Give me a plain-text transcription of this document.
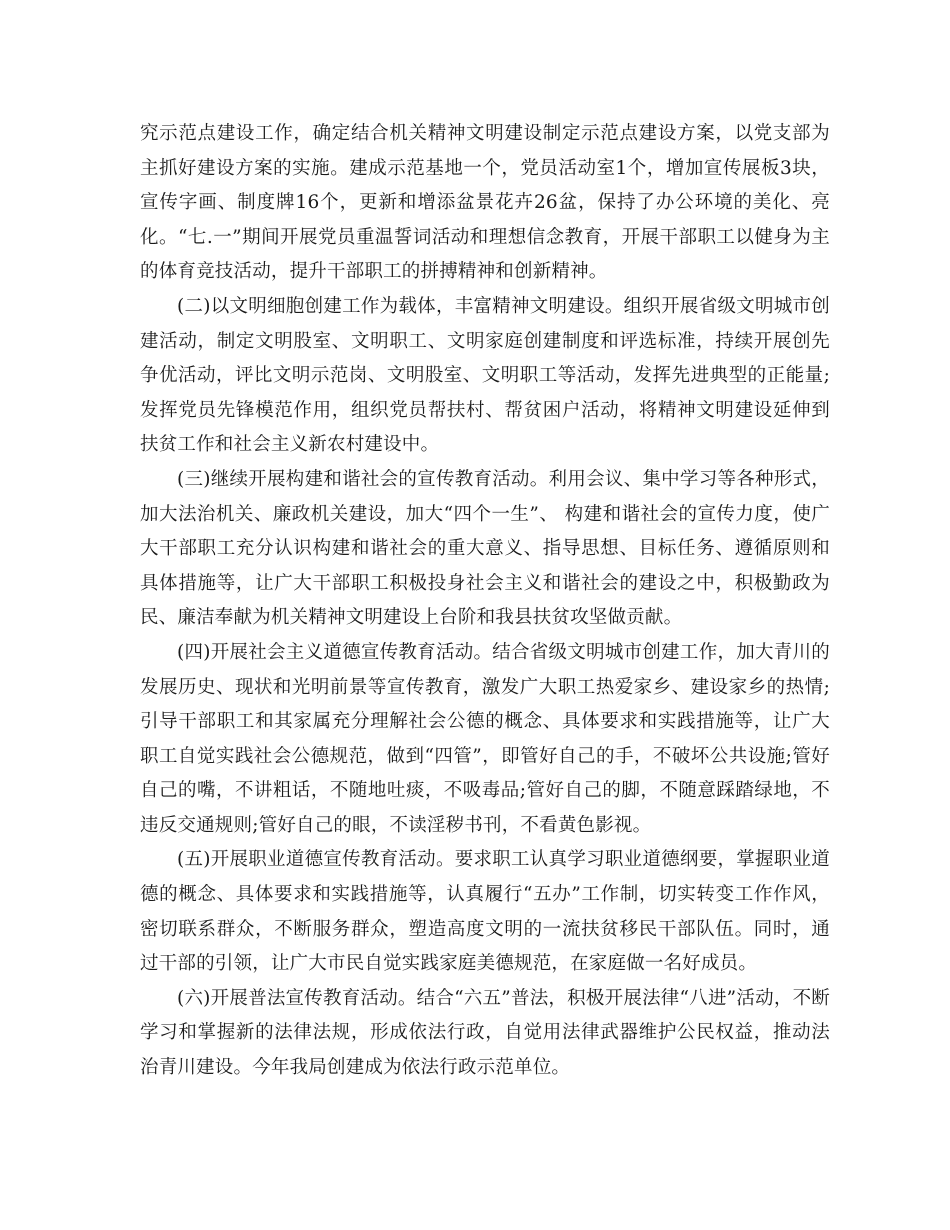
究示范点建设工作，确定结合机关精神文明建设制定示范点建设方案，以党支部为主抓好建设方案的实施。建成示范基地一个，党员活动室1个，增加宣传展板3块，宣传字画、制度牌16个，更新和增添盆景花卉26盆，保持了办公环境的美化、亮化。“七.一”期间开展党员重温誓词活动和理想信念教育，开展干部职工以健身为主的体育竞技活动，提升干部职工的拼搏精神和创新精神。

(二)以文明细胞创建工作为载体，丰富精神文明建设。组织开展省级文明城市创建活动，制定文明股室、文明职工、文明家庭创建制度和评选标准，持续开展创先争优活动，评比文明示范岗、文明股室、文明职工等活动，发挥先进典型的正能量;发挥党员先锋模范作用，组织党员帮扶村、帮贫困户活动，将精神文明建设延伸到扶贫工作和社会主义新农村建设中。

(三)继续开展构建和谐社会的宣传教育活动。利用会议、集中学习等各种形式，加大法治机关、廉政机关建设，加大“四个一生”、 构建和谐社会的宣传力度，使广大干部职工充分认识构建和谐社会的重大意义、指导思想、目标任务、遵循原则和具体措施等，让广大干部职工积极投身社会主义和谐社会的建设之中，积极勤政为民、廉洁奉献为机关精神文明建设上台阶和我县扶贫攻坚做贡献。

(四)开展社会主义道德宣传教育活动。结合省级文明城市创建工作，加大青川的发展历史、现状和光明前景等宣传教育，激发广大职工热爱家乡、建设家乡的热情;引导干部职工和其家属充分理解社会公德的概念、具体要求和实践措施等，让广大职工自觉实践社会公德规范，做到“四管”，即管好自己的手，不破坏公共设施;管好自己的嘴，不讲粗话，不随地吐痰，不吸毒品;管好自己的脚，不随意踩踏绿地，不违反交通规则;管好自己的眼，不读淫秽书刊，不看黄色影视。

(五)开展职业道德宣传教育活动。要求职工认真学习职业道德纲要，掌握职业道德的概念、具体要求和实践措施等，认真履行“五办”工作制，切实转变工作作风，密切联系群众，不断服务群众，塑造高度文明的一流扶贫移民干部队伍。同时，通过干部的引领，让广大市民自觉实践家庭美德规范，在家庭做一名好成员。

(六)开展普法宣传教育活动。结合“六五”普法，积极开展法律“八进”活动，不断学习和掌握新的法律法规，形成依法行政，自觉用法律武器维护公民权益，推动法治青川建设。今年我局创建成为依法行政示范单位。
